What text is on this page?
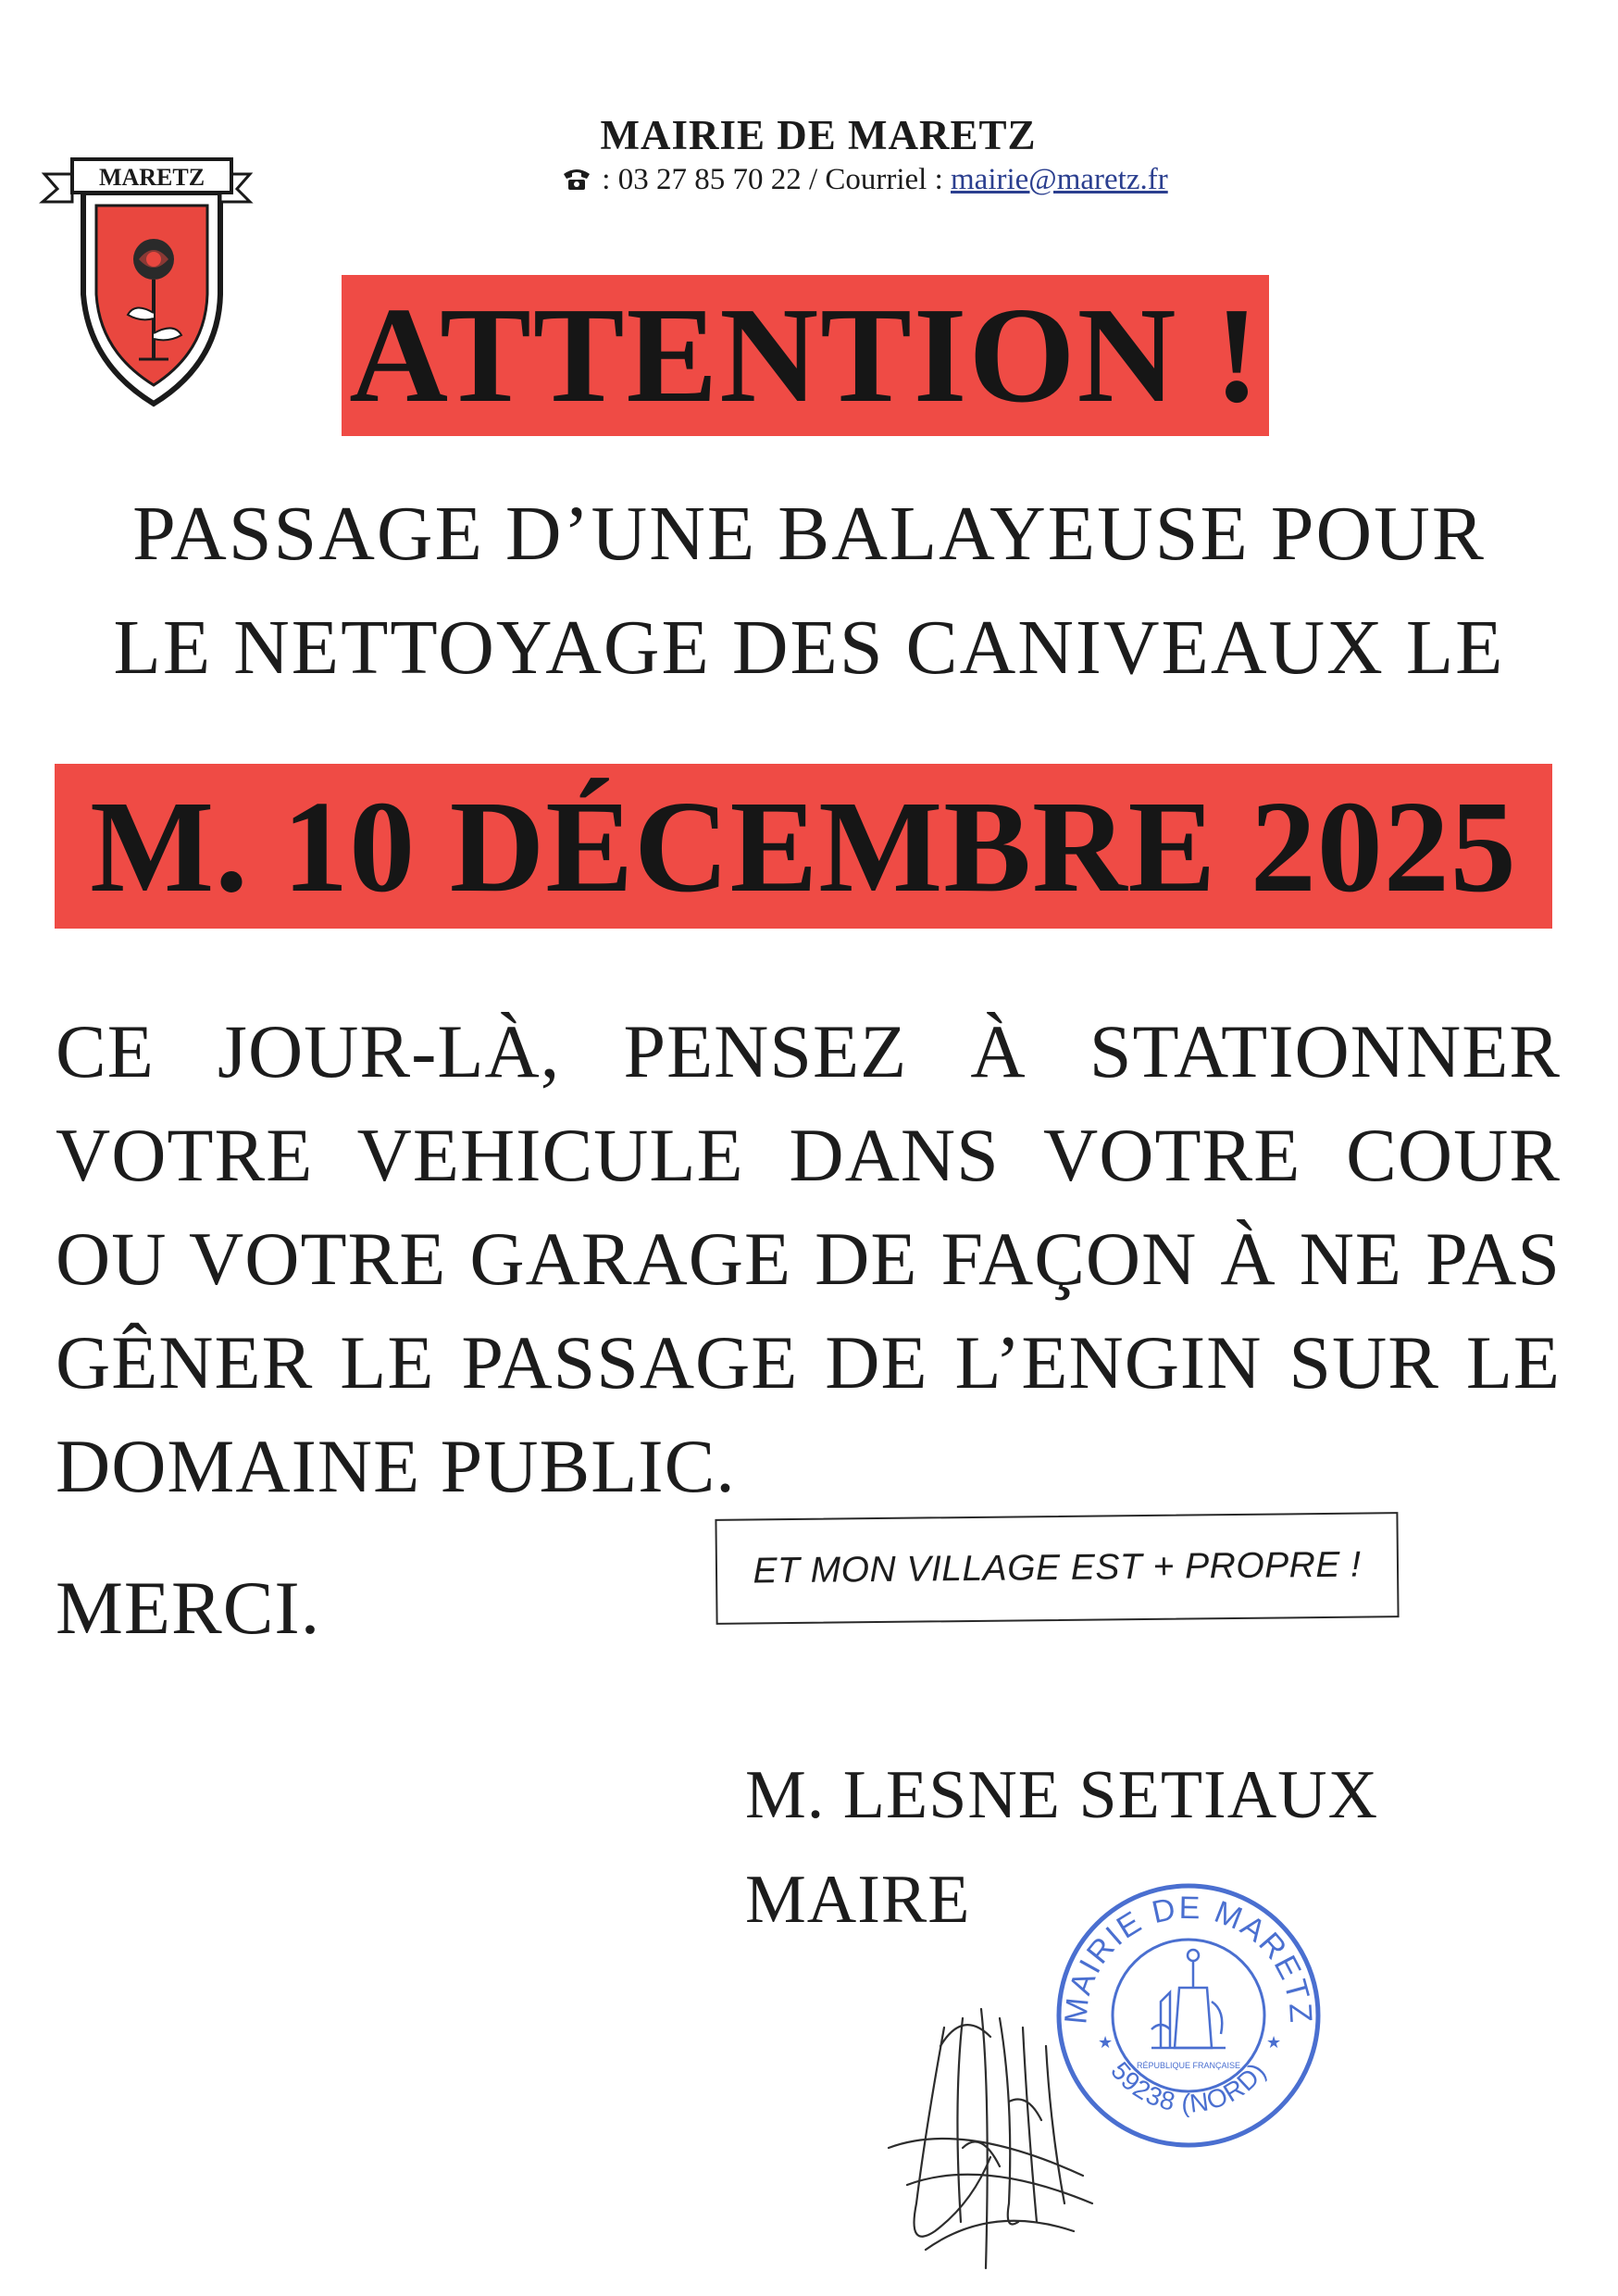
MARETZ
MAIRIE DE MARETZ
: 03 27 85 70 22 / Courriel : mairie@maretz.fr
ATTENTION !
PASSAGE D’UNE BALAYEUSE POUR
LE NETTOYAGE DES CANIVEAUX LE
M. 10 DÉCEMBRE 2025
CE JOUR-LÀ, PENSEZ À STATIONNER
VOTRE VEHICULE DANS VOTRE COUR
OU VOTRE GARAGE DE FAÇON À NE PAS
GÊNER LE PASSAGE DE L’ENGIN SUR LE
DOMAINE PUBLIC.
MERCI.	ET MON VILLAGE EST + PROPRE !
M. LESNE SETIAUX
MAIRE
MAIRIE DE MARETZ
59238 (NORD)
RÉPUBLIQUE FRANÇAISE
★	★
